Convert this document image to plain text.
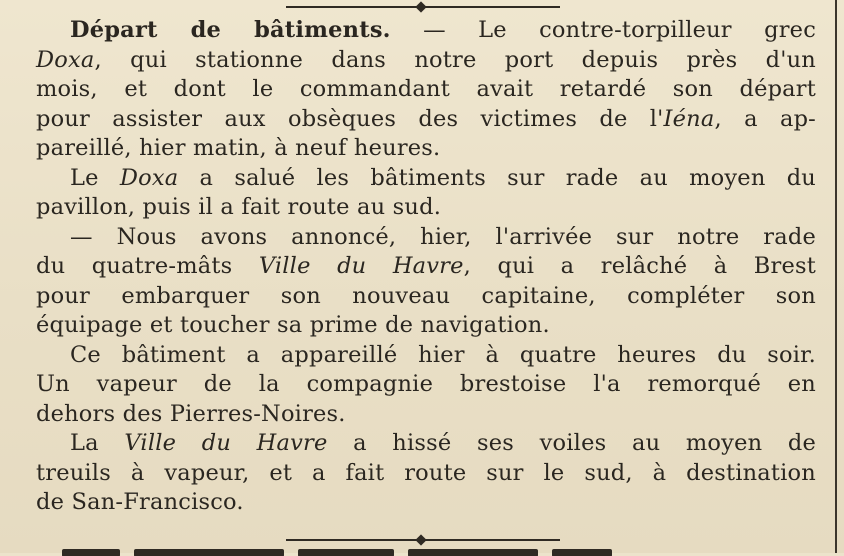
Départ de bâtiments. — Le contre-torpilleur grec
Doxa, qui stationne dans notre port depuis près d'un
mois, et dont le commandant avait retardé son départ
pour assister aux obsèques des victimes de l'Iéna, a ap-
pareillé, hier matin, à neuf heures.
Le Doxa a salué les bâtiments sur rade au moyen du
pavillon, puis il a fait route au sud.
— Nous avons annoncé, hier, l'arrivée sur notre rade
du quatre-mâts Ville du Havre, qui a relâché à Brest
pour embarquer son nouveau capitaine, compléter son
équipage et toucher sa prime de navigation.
Ce bâtiment a appareillé hier à quatre heures du soir.
Un vapeur de la compagnie brestoise l'a remorqué en
dehors des Pierres-Noires.
La Ville du Havre a hissé ses voiles au moyen de
treuils à vapeur, et a fait route sur le sud, à destination
de San-Francisco.
